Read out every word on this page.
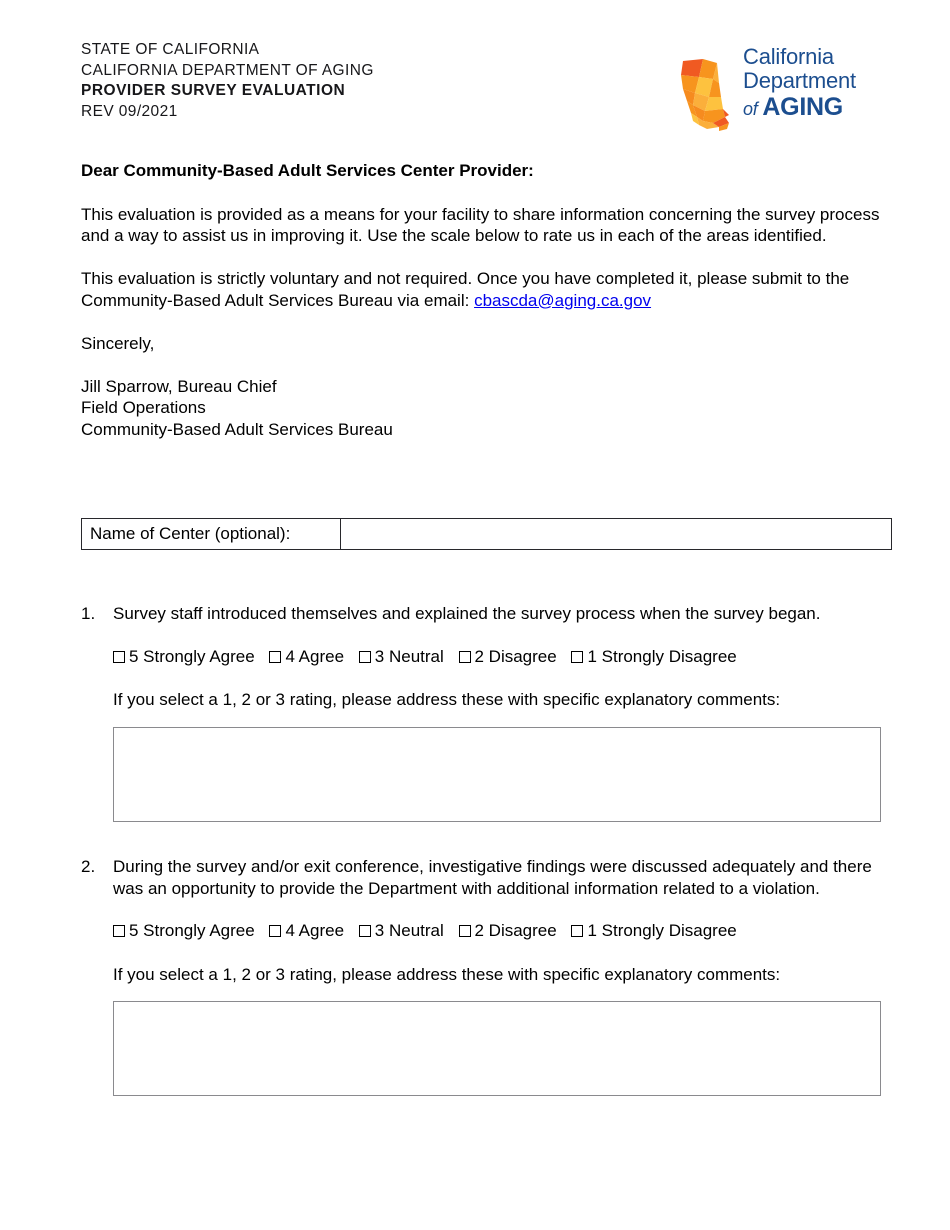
STATE OF CALIFORNIA
CALIFORNIA DEPARTMENT OF AGING
PROVIDER SURVEY EVALUATION
REV 09/2021
California
Department
of AGING

Dear Community-Based Adult Services Center Provider:

This evaluation is provided as a means for your facility to share information concerning the survey process and a way to assist us in improving it. Use the scale below to rate us in each of the areas identified.

This evaluation is strictly voluntary and not required. Once you have completed it, please submit to the Community-Based Adult Services Bureau via email: cbascda@aging.ca.gov

Sincerely,

Jill Sparrow, Bureau Chief

Field Operations

Community-Based Adult Services Bureau

Name of Center (optional):
1.	Survey staff introduced themselves and explained the survey process when the survey began.
5 Strongly Agree 4 Agree 3 Neutral 2 Disagree 1 Strongly Disagree
If you select a 1, 2 or 3 rating, please address these with specific explanatory comments:
2.	During the survey and/or exit conference, investigative findings were discussed adequately and there was an opportunity to provide the Department with additional information related to a violation.
5 Strongly Agree 4 Agree 3 Neutral 2 Disagree 1 Strongly Disagree
If you select a 1, 2 or 3 rating, please address these with specific explanatory comments:
